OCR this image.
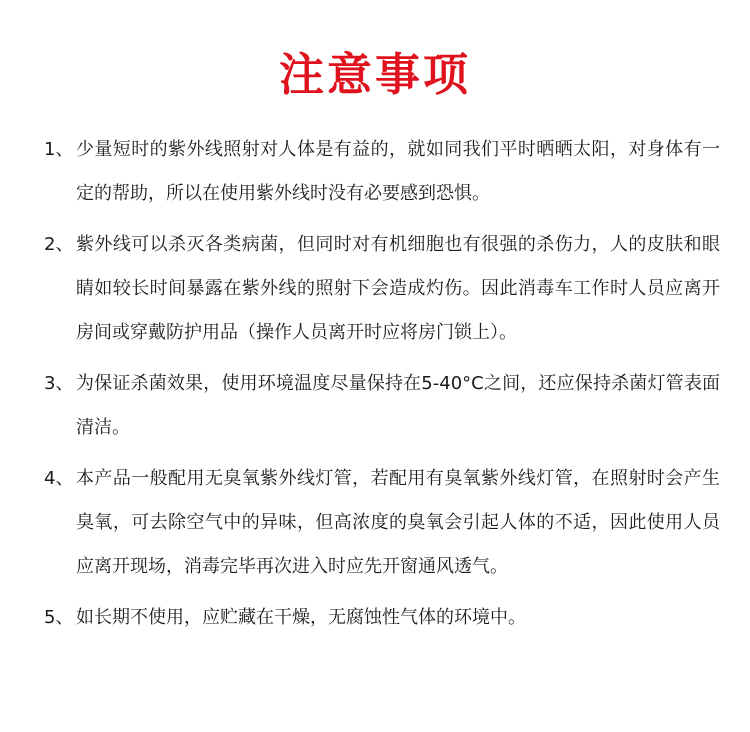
注意事项
1、 少量短时的紫外线照射对人体是有益的，就如同我们平时晒晒太阳，对身体有一定的帮助，所以在使用紫外线时没有必要感到恐惧。
2、 紫外线可以杀灭各类病菌，但同时对有机细胞也有很强的杀伤力，人的皮肤和眼睛如较长时间暴露在紫外线的照射下会造成灼伤。因此消毒车工作时人员应离开房间或穿戴防护用品（操作人员离开时应将房门锁上）。
3、 为保证杀菌效果，使用环境温度尽量保持在5-40°C之间，还应保持杀菌灯管表面清洁。
4、 本产品一般配用无臭氧紫外线灯管，若配用有臭氧紫外线灯管，在照射时会产生臭氧，可去除空气中的异味，但高浓度的臭氧会引起人体的不适，因此使用人员应离开现场，消毒完毕再次进入时应先开窗通风透气。
5、 如长期不使用，应贮藏在干燥，无腐蚀性气体的环境中。
